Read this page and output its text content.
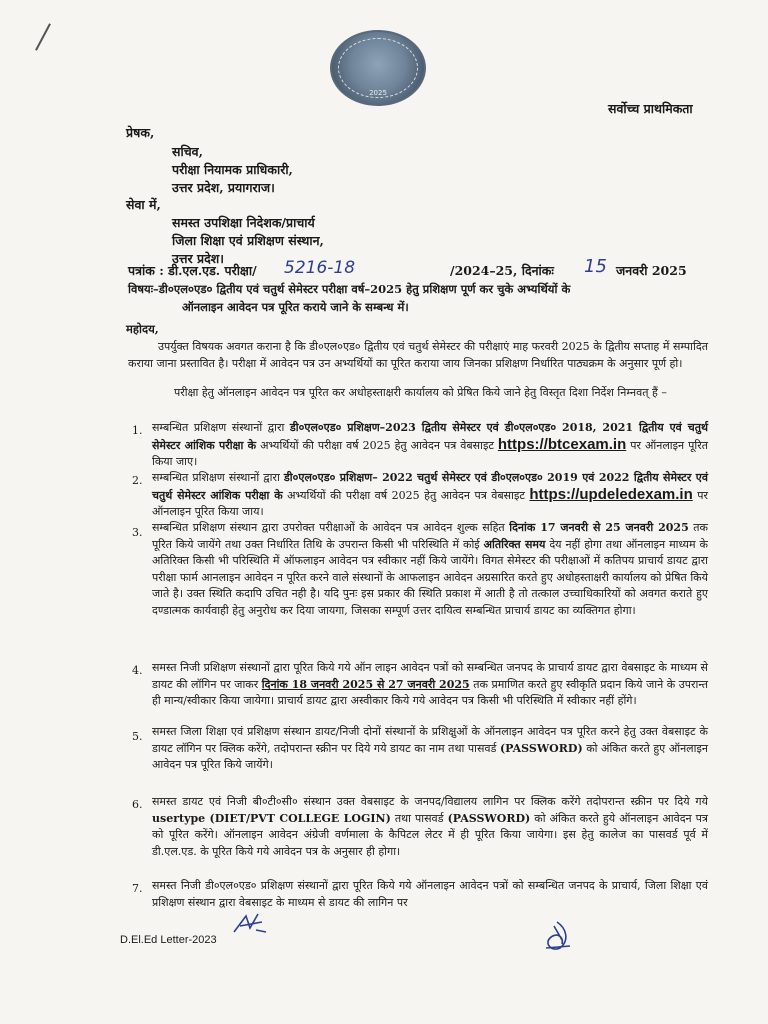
2025
सर्वोच्च प्राथमिकता
प्रेषक,
सचिव,
परीक्षा नियामक प्राधिकारी,
उत्तर प्रदेश, प्रयागराज।
सेवा में,
समस्त उपशिक्षा निदेशक/प्राचार्य
जिला शिक्षा एवं प्रशिक्षण संस्थान,
उत्तर प्रदेश।
पत्रांक : डी.एल.एड. परीक्षा/ 5216-18	/2024–25, दिनांकः 15 जनवरी 2025
विषयः–डी०एल०एड० द्वितीय एवं चतुर्थ सेमेस्टर परीक्षा वर्ष–2025 हेतु प्रशिक्षण पूर्ण कर चुके अभ्यर्थियों के
ऑनलाइन आवेदन पत्र पूरित कराये जाने के सम्बन्ध में।
महोदय,
उपर्युक्त विषयक अवगत कराना है कि डी०एल०एड० द्वितीय एवं चतुर्थ सेमेस्टर की परीक्षाएं माह फरवरी 2025 के द्वितीय सप्ताह में सम्पादित कराया जाना प्रस्तावित है। परीक्षा में आवेदन पत्र उन अभ्यर्थियों का पूरित कराया जाय जिनका प्रशिक्षण निर्धारित पाठ्यक्रम के अनुसार पूर्ण हो।
परीक्षा हेतु ऑनलाइन आवेदन पत्र पूरित कर अधोहस्ताक्षरी कार्यालय को प्रेषित किये जाने हेतु विस्तृत दिशा निर्देश निम्नवत् हैं –
1. सम्बन्धित प्रशिक्षण संस्थानों द्वारा डी०एल०एड० प्रशिक्षण–2023 द्वितीय सेमेस्टर एवं डी०एल०एड० 2018, 2021 द्वितीय एवं चतुर्थ सेमेस्टर आंशिक परीक्षा के अभ्यर्थियों की परीक्षा वर्ष 2025 हेतु आवेदन पत्र वेबसाइट https://btcexam.in पर ऑनलाइन पूरित किया जाए।
2. सम्बन्धित प्रशिक्षण संस्थानों द्वारा डी०एल०एड० प्रशिक्षण– 2022 चतुर्थ सेमेस्टर एवं डी०एल०एड० 2019 एवं 2022 द्वितीय सेमेस्टर एवं चतुर्थ सेमेस्टर आंशिक परीक्षा के अभ्यर्थियों की परीक्षा वर्ष 2025 हेतु आवेदन पत्र वेबसाइट https://updeledexam.in पर ऑनलाइन पूरित किया जाय।
3. सम्बन्धित प्रशिक्षण संस्थान द्वारा उपरोक्त परीक्षाओं के आवेदन पत्र आवेदन शुल्क सहित दिनांक 17 जनवरी से 25 जनवरी 2025 तक पूरित किये जायेंगे तथा उक्त निर्धारित तिथि के उपरान्त किसी भी परिस्थिति में कोई अतिरिक्त समय देय नहीं होगा तथा ऑनलाइन माध्यम के अतिरिक्त किसी भी परिस्थिति में ऑफलाइन आवेदन पत्र स्वीकार नहीं किये जायेंगे। विगत सेमेस्टर की परीक्षाओं में कतिपय प्राचार्य डायट द्वारा परीक्षा फार्म आनलाइन आवेदन न पूरित करने वाले संस्थानों के आफलाइन आवेदन अग्रसारित करते हुए अधोहस्ताक्षरी कार्यालय को प्रेषित किये जाते है। उक्त स्थिति कदापि उचित नही है। यदि पुनः इस प्रकार की स्थिति प्रकाश में आती है तो तत्काल उच्चाधिकारियों को अवगत कराते हुए दण्डात्मक कार्यवाही हेतु अनुरोध कर दिया जायगा, जिसका सम्पूर्ण उत्तर दायित्व सम्बन्धित प्राचार्य डायट का व्यक्तिगत होगा।
4. समस्त निजी प्रशिक्षण संस्थानों द्वारा पूरित किये गये ऑन लाइन आवेदन पत्रों को सम्बन्धित जनपद के प्राचार्य डायट द्वारा वेबसाइट के माध्यम से डायट की लॉगिन पर जाकर दिनांक 18 जनवरी 2025 से 27 जनवरी 2025 तक प्रमाणित करते हुए स्वीकृति प्रदान किये जाने के उपरान्त ही मान्य/स्वीकार किया जायेगा। प्राचार्य डायट द्वारा अस्वीकार किये गये आवेदन पत्र किसी भी परिस्थिति में स्वीकार नहीं होंगे।
5. समस्त जिला शिक्षा एवं प्रशिक्षण संस्थान डायट/निजी दोनों संस्थानों के प्रशिक्षुओं के ऑनलाइन आवेदन पत्र पूरित करने हेतु उक्त वेबसाइट के डायट लॉगिन पर क्लिक करेंगे, तदोपरान्त स्क्रीन पर दिये गये डायट का नाम तथा पासवर्ड (PASSWORD) को अंकित करते हुए ऑनलाइन आवेदन पत्र पूरित किये जायेंगे।
6. समस्त डायट एवं निजी बी०टी०सी० संस्थान उक्त वेबसाइट के जनपद/विद्यालय लागिन पर क्लिक करेंगे तदोपरान्त स्क्रीन पर दिये गये usertype (DIET/PVT COLLEGE LOGIN) तथा पासवर्ड (PASSWORD) को अंकित करते हुये ऑनलाइन आवेदन पत्र को पूरित करेंगे। ऑनलाइन आवेदन अंग्रेजी वर्णमाला के कैपिटल लेटर में ही पूरित किया जायेगा। इस हेतु कालेज का पासवर्ड पूर्व में डी.एल.एड. के पूरित किये गये आवेदन पत्र के अनुसार ही होगा।
7. समस्त निजी डी०एल०एड० प्रशिक्षण संस्थानों द्वारा पूरित किये गये ऑनलाइन आवेदन पत्रों को सम्बन्धित जनपद के प्राचार्य, जिला शिक्षा एवं प्रशिक्षण संस्थान द्वारा वेबसाइट के माध्यम से डायट की लागिन पर
D.El.Ed Letter-2023
